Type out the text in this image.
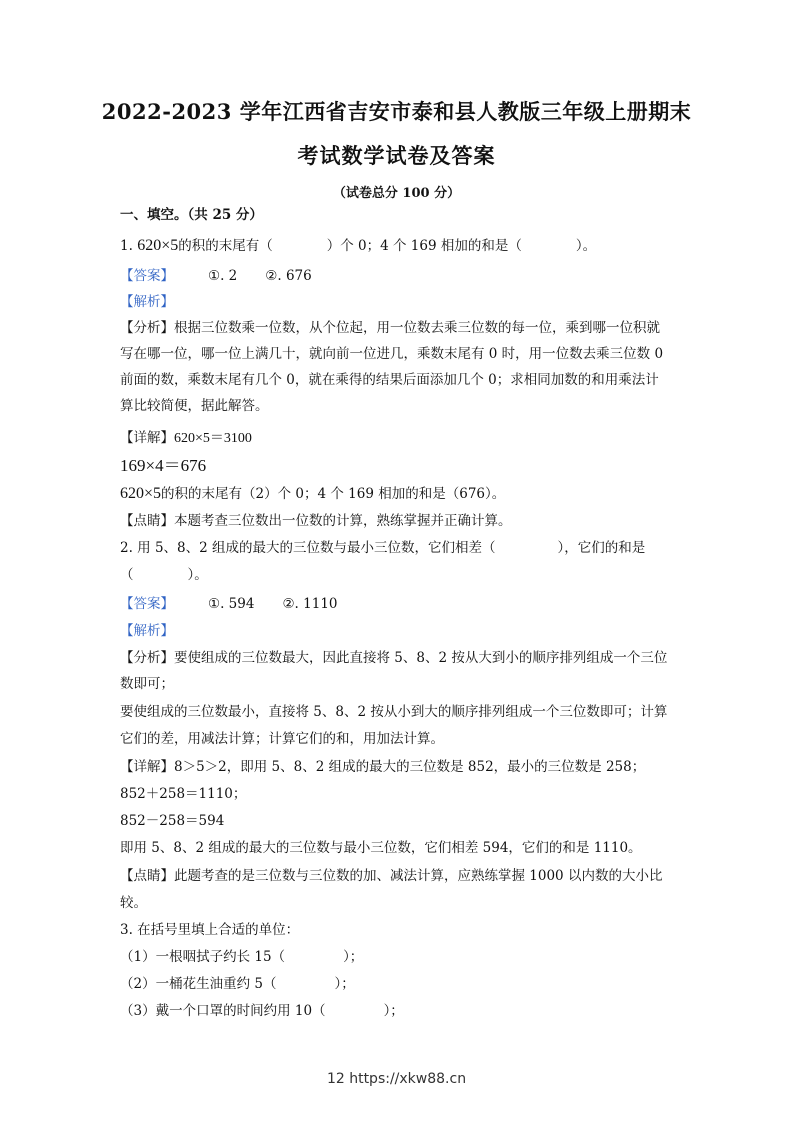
2022-2023 学年江西省吉安市泰和县人教版三年级上册期末
考试数学试卷及答案
（试卷总分 100 分）
一、填空。（共 25 分）
1. 620×5的积的末尾有（	）个 0；4 个 169 相加的和是（	）。
【答案】	①. 2 ②. 676
【解析】
【分析】根据三位数乘一位数，从个位起，用一位数去乘三位数的每一位，乘到哪一位积就
写在哪一位，哪一位上满几十，就向前一位进几，乘数末尾有 0 时，用一位数去乘三位数 0
前面的数，乘数末尾有几个 0，就在乘得的结果后面添加几个 0；求相同加数的和用乘法计
算比较简便，据此解答。
【详解】620×5＝3100
169×4＝676
620×5的积的末尾有（2）个 0；4 个 169 相加的和是（676）。
【点睛】本题考查三位数出一位数的计算，熟练掌握并正确计算。
2. 用 5、8、2 组成的最大的三位数与最小三位数，它们相差（	），它们的和是
（	）。
【答案】	①. 594 ②. 1110
【解析】
【分析】要使组成的三位数最大，因此直接将 5、8、2 按从大到小的顺序排列组成一个三位
数即可；
要使组成的三位数最小，直接将 5、8、2 按从小到大的顺序排列组成一个三位数即可；计算
它们的差，用减法计算；计算它们的和，用加法计算。
【详解】8＞5＞2，即用 5、8、2 组成的最大的三位数是 852，最小的三位数是 258；
852＋258＝1110；
852－258＝594
即用 5、8、2 组成的最大的三位数与最小三位数，它们相差 594，它们的和是 1110。
【点睛】此题考查的是三位数与三位数的加、减法计算，应熟练掌握 1000 以内数的大小比
较。
3. 在括号里填上合适的单位：
（1）一根咽拭子约长 15（	）；
（2）一桶花生油重约 5（	）；
（3）戴一个口罩的时间约用 10（	）；
12 https://xkw88.cn
